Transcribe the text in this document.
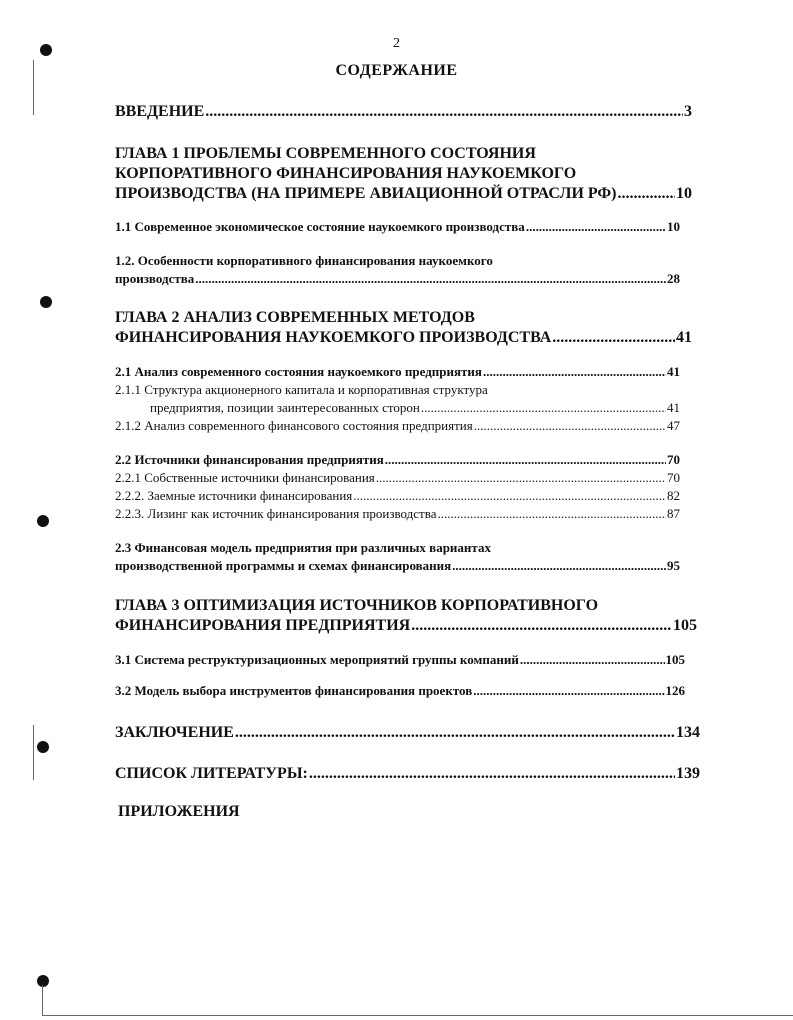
2
СОДЕРЖАНИЕ
ВВЕДЕНИЕ .....	3
ГЛАВА 1 ПРОБЛЕМЫ СОВРЕМЕННОГО СОСТОЯНИЯ
КОРПОРАТИВНОГО ФИНАНСИРОВАНИЯ НАУКОЕМКОГО
ПРОИЗВОДСТВА (НА ПРИМЕРЕ АВИАЦИОННОЙ ОТРАСЛИ РФ) .....	10
1.1 Современное экономическое состояние наукоемкого производства .....	10
1.2. Особенности корпоративного финансирования наукоемкого
производства .....	28
ГЛАВА 2 АНАЛИЗ СОВРЕМЕННЫХ МЕТОДОВ
ФИНАНСИРОВАНИЯ НАУКОЕМКОГО ПРОИЗВОДСТВА .....	41
2.1 Анализ современного состояния наукоемкого предприятия .....	41
2.1.1 Структура акционерного капитала и корпоративная структура
предприятия, позиции заинтересованных сторон .....	41
2.1.2 Анализ современного финансового состояния предприятия .....	47
2.2 Источники финансирования предприятия .....	70
2.2.1 Собственные источники финансирования .....	70
2.2.2. Заемные источники финансирования .....	82
2.2.3. Лизинг как источник финансирования производства .....	87
2.3 Финансовая модель предприятия при различных вариантах
производственной программы и схемах финансирования .....	95
ГЛАВА 3 ОПТИМИЗАЦИЯ ИСТОЧНИКОВ КОРПОРАТИВНОГО
ФИНАНСИРОВАНИЯ ПРЕДПРИЯТИЯ .....	105
3.1 Система реструктуризационных мероприятий группы компаний .....	105
3.2 Модель выбора инструментов финансирования проектов .....	126
ЗАКЛЮЧЕНИЕ .....	134
СПИСОК ЛИТЕРАТУРЫ: .....	139
ПРИЛОЖЕНИЯ
